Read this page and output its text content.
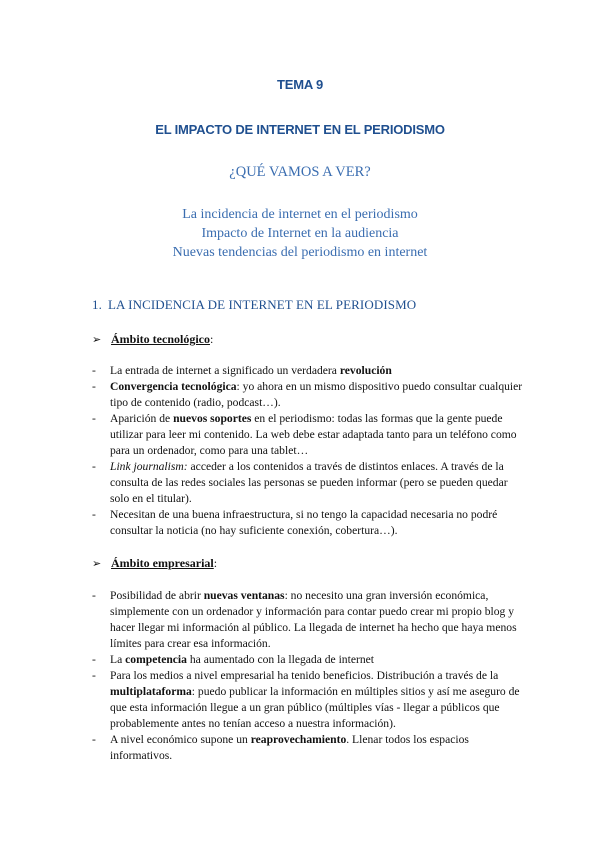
TEMA 9
EL IMPACTO DE INTERNET EN EL PERIODISMO
¿QUÉ VAMOS A VER?
La incidencia de internet en el periodismo
Impacto de Internet en la audiencia
Nuevas tendencias del periodismo en internet
1. LA INCIDENCIA DE INTERNET EN EL PERIODISMO
➢ Ámbito tecnológico:
- La entrada de internet a significado un verdadera revolución
- Convergencia tecnológica: yo ahora en un mismo dispositivo puedo consultar cualquier tipo de contenido (radio, podcast…).
- Aparición de nuevos soportes en el periodismo: todas las formas que la gente puede utilizar para leer mi contenido. La web debe estar adaptada tanto para un teléfono como para un ordenador, como para una tablet…
- Link journalism: acceder a los contenidos a través de distintos enlaces. A través de la consulta de las redes sociales las personas se pueden informar (pero se pueden quedar solo en el titular).
- Necesitan de una buena infraestructura, si no tengo la capacidad necesaria no podré consultar la noticia (no hay suficiente conexión, cobertura…).
➢ Ámbito empresarial:
- Posibilidad de abrir nuevas ventanas: no necesito una gran inversión económica, simplemente con un ordenador y información para contar puedo crear mi propio blog y hacer llegar mi información al público. La llegada de internet ha hecho que haya menos límites para crear esa información.
- La competencia ha aumentado con la llegada de internet
- Para los medios a nivel empresarial ha tenido beneficios. Distribución a través de la multiplataforma: puedo publicar la información en múltiples sitios y así me aseguro de que esta información llegue a un gran público (múltiples vías - llegar a públicos que probablemente antes no tenían acceso a nuestra información).
- A nivel económico supone un reaprovechamiento. Llenar todos los espacios informativos.
